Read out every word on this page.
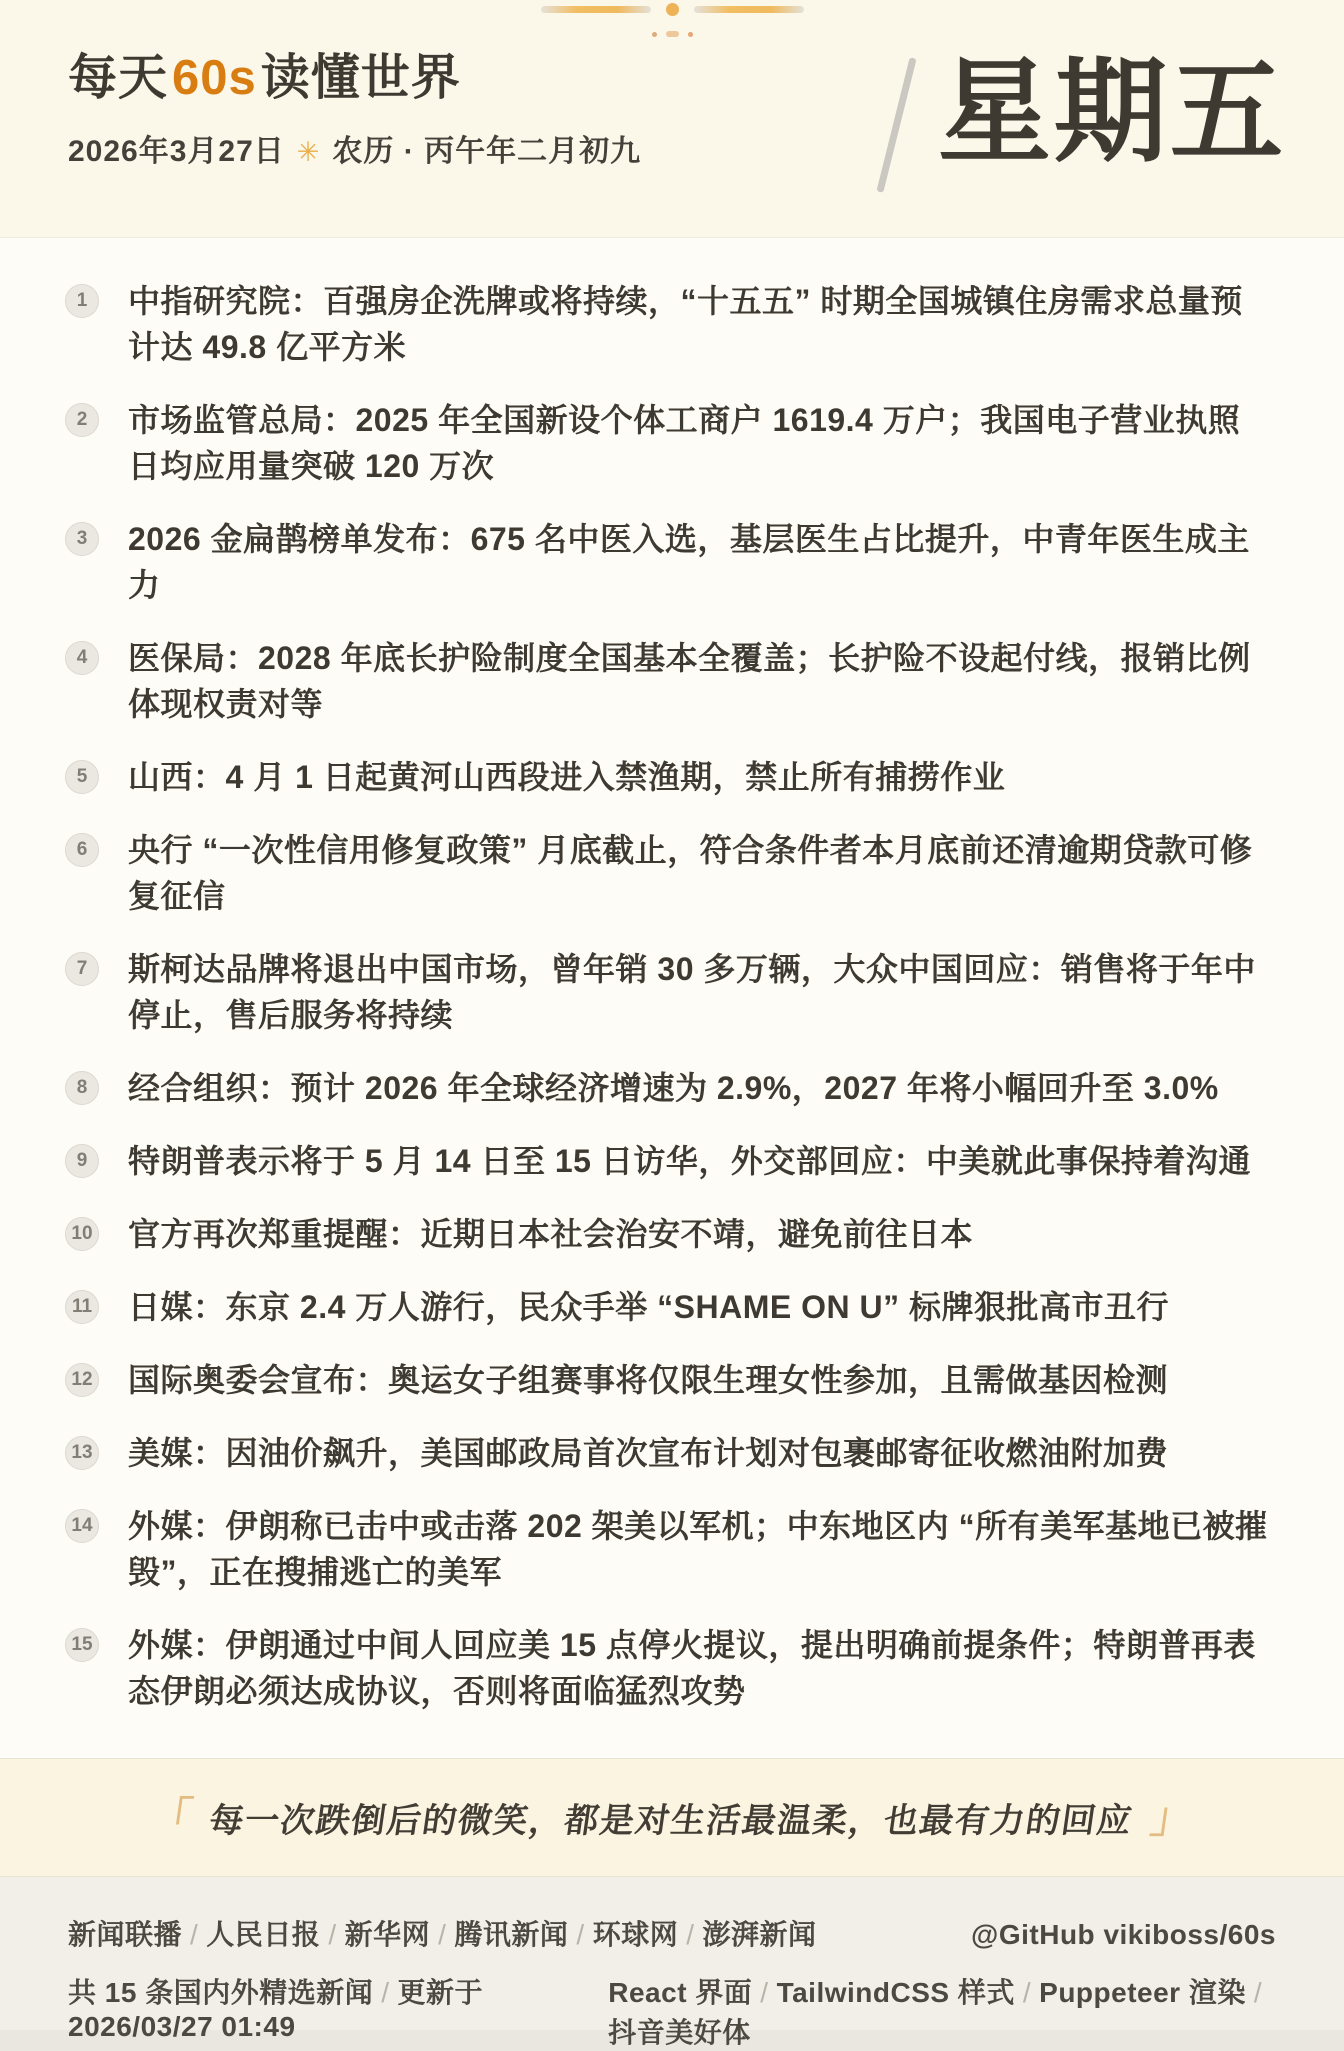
每天60s读懂世界
2026年3月27日 ✳ 农历 · 丙午年二月初九	星期五
1	中指研究院：百强房企洗牌或将持续，“十五五” 时期全国城镇住房需求总量预计达 49.8 亿平方米

2	市场监管总局：2025 年全国新设个体工商户 1619.4 万户；我国电子营业执照日均应用量突破 120 万次

3	2026 金扁鹊榜单发布：675 名中医入选，基层医生占比提升，中青年医生成主力

4	医保局：2028 年底长护险制度全国基本全覆盖；长护险不设起付线，报销比例体现权责对等

5	山西：4 月 1 日起黄河山西段进入禁渔期，禁止所有捕捞作业

6	央行 “一次性信用修复政策” 月底截止，符合条件者本月底前还清逾期贷款可修复征信

7	斯柯达品牌将退出中国市场，曾年销 30 多万辆，大众中国回应：销售将于年中停止，售后服务将持续

8	经合组织：预计 2026 年全球经济增速为 2.9%，2027 年将小幅回升至 3.0%

9	特朗普表示将于 5 月 14 日至 15 日访华，外交部回应：中美就此事保持着沟通

10 官方再次郑重提醒：近期日本社会治安不靖，避免前往日本

11 日媒：东京 2.4 万人游行，民众手举 “SHAME ON U” 标牌狠批高市丑行

12 国际奥委会宣布：奥运女子组赛事将仅限生理女性参加，且需做基因检测

13 美媒：因油价飙升，美国邮政局首次宣布计划对包裹邮寄征收燃油附加费

14 外媒：伊朗称已击中或击落 202 架美以军机；中东地区内 “所有美军基地已被摧毁”，正在搜捕逃亡的美军

15 外媒：伊朗通过中间人回应美 15 点停火提议，提出明确前提条件；特朗普再表态伊朗必须达成协议，否则将面临猛烈攻势

「 每一次跌倒后的微笑，都是对生活最温柔，也最有力的回应 」
新闻联播 / 人民日报 / 新华网 / 腾讯新闻 / 环球网 / 澎湃新闻	@GitHub vikiboss/60s
共 15 条国内外精选新闻 / 更新于 2026/03/27 01:49
React 界面 / TailwindCSS 样式 / Puppeteer 渲染 /抖音美好体
